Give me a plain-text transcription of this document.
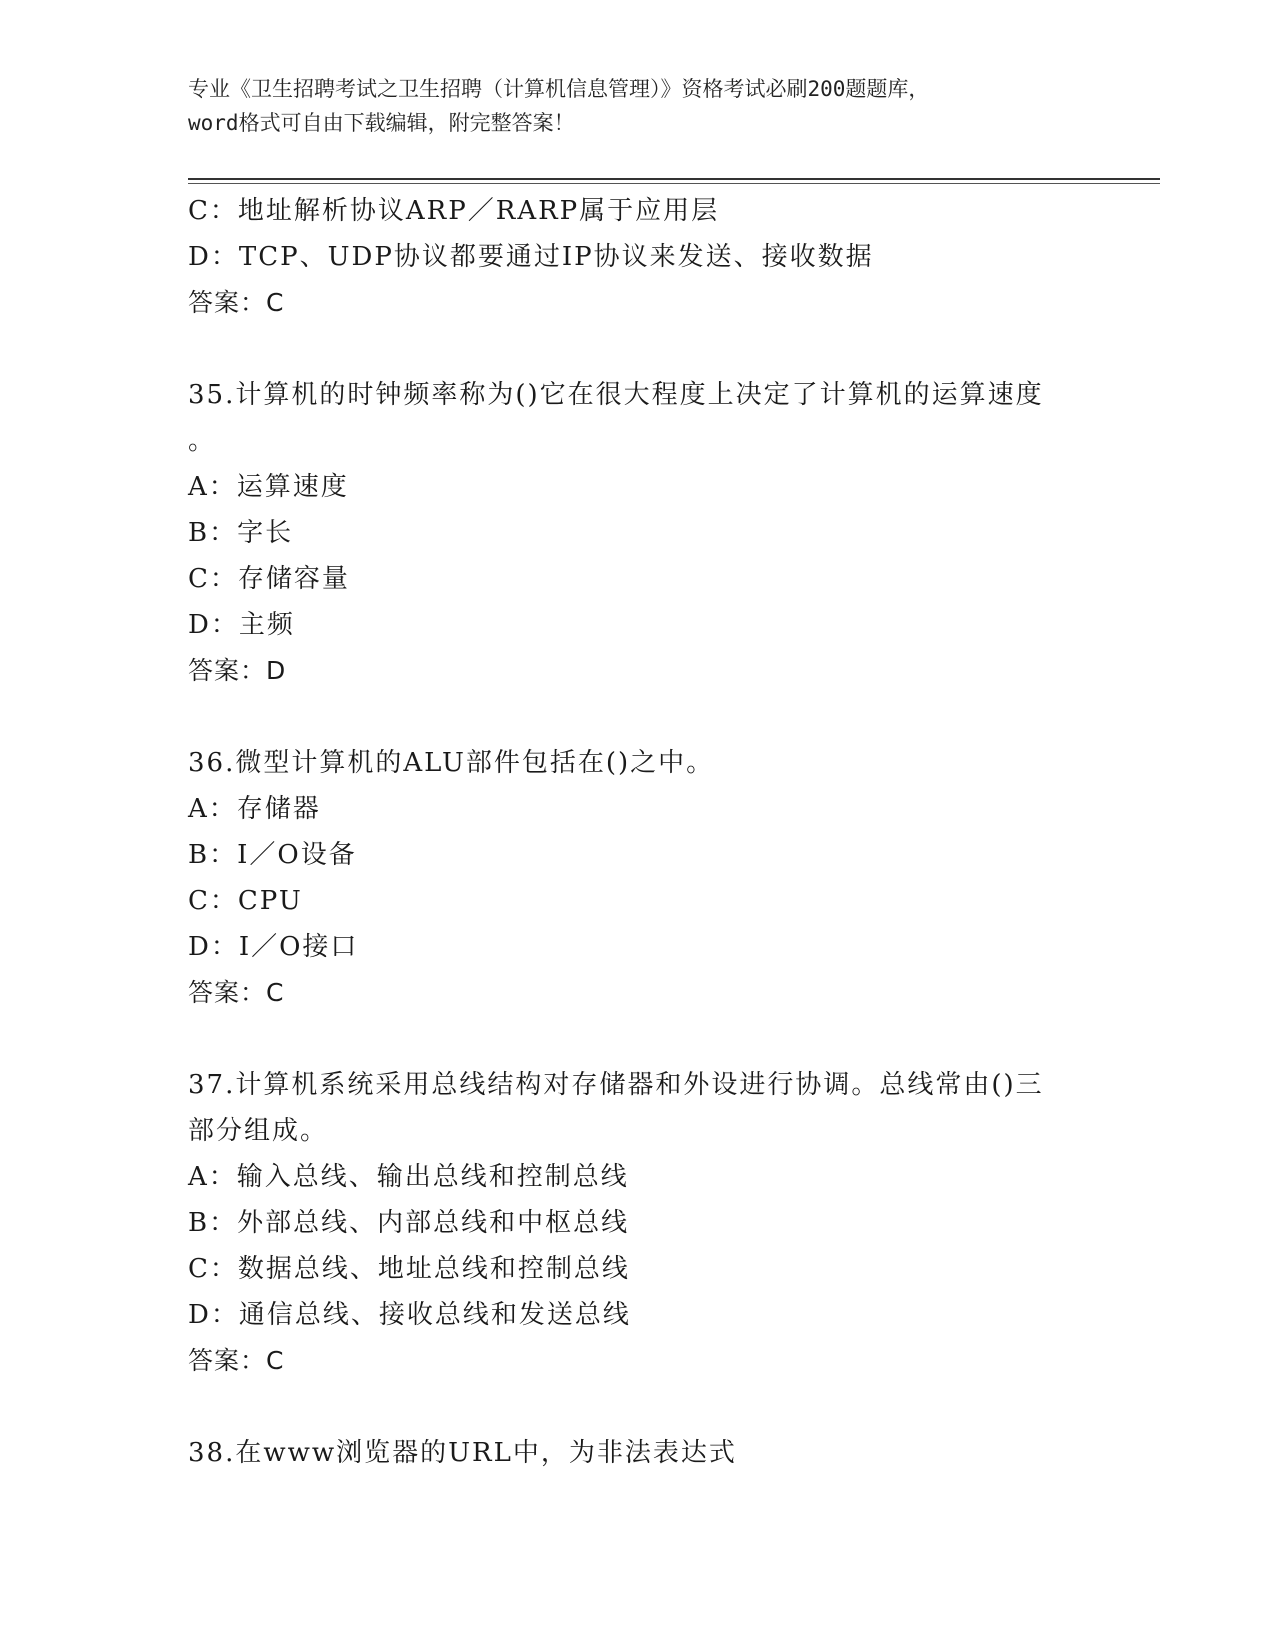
专业《卫生招聘考试之卫生招聘（计算机信息管理）》资格考试必刷200题题库，
word格式可自由下载编辑，附完整答案！
C：地址解析协议ARP／RARP属于应用层
D：TCP、UDP协议都要通过IP协议来发送、接收数据
答案：C
35.计算机的时钟频率称为()它在很大程度上决定了计算机的运算速度
。
A：运算速度
B：字长
C：存储容量
D：主频
答案：D
36.微型计算机的ALU部件包括在()之中。
A：存储器
B：I／O设备
C：CPU
D：I／O接口
答案：C
37.计算机系统采用总线结构对存储器和外设进行协调。总线常由()三
部分组成。
A：输入总线、输出总线和控制总线
B：外部总线、内部总线和中枢总线
C：数据总线、地址总线和控制总线
D：通信总线、接收总线和发送总线
答案：C
38.在www浏览器的URL中，为非法表达式
